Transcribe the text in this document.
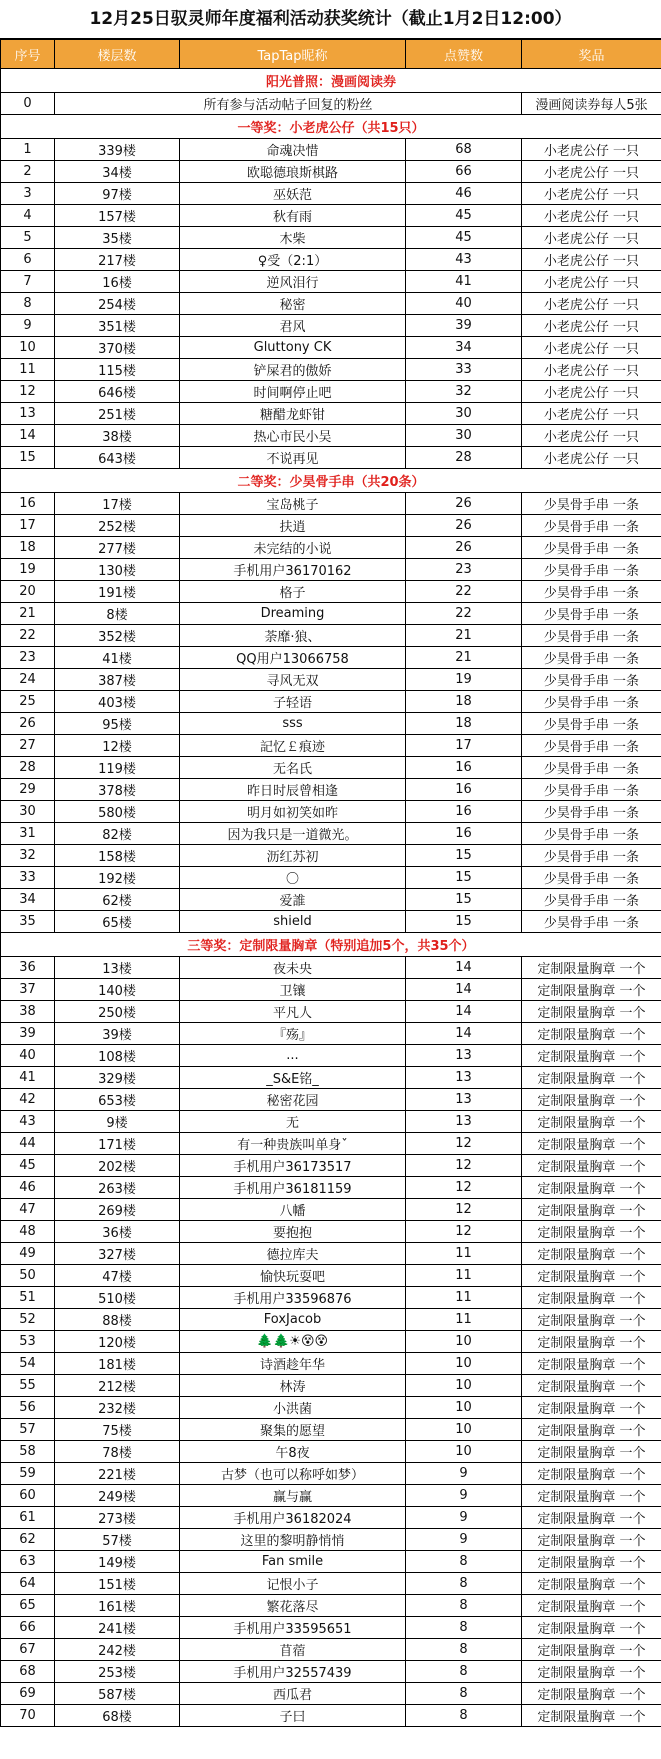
12月25日驭灵师年度福利活动获奖统计（截止1月2日12:00）
序号	楼层数	TapTap昵称	点赞数	奖品
阳光普照：漫画阅读券				
0	所有参与活动帖子回复的粉丝			漫画阅读券每人5张
一等奖：小老虎公仔（共15只）				
1	339楼	命魂决惜	68	小老虎公仔 一只
2	34楼	欧聪德琅斯棋路	66	小老虎公仔 一只
3	97楼	巫妖范	46	小老虎公仔 一只
4	157楼	秋有雨	45	小老虎公仔 一只
5	35楼	木柴	45	小老虎公仔 一只
6	217楼	♀受（2:1）	43	小老虎公仔 一只
7	16楼	逆风泪行	41	小老虎公仔 一只
8	254楼	秘密	40	小老虎公仔 一只
9	351楼	君风	39	小老虎公仔 一只
10	370楼	Gluttony CK	34	小老虎公仔 一只
11	115楼	铲屎君的傲娇	33	小老虎公仔 一只
12	646楼	时间啊停止吧	32	小老虎公仔 一只
13	251楼	糖醋龙虾钳	30	小老虎公仔 一只
14	38楼	热心市民小吴	30	小老虎公仔 一只
15	643楼	不说再见	28	小老虎公仔 一只
二等奖：少昊骨手串（共20条）				
16	17楼	宝岛桃子	26	少昊骨手串 一条
17	252楼	扶逍	26	少昊骨手串 一条
18	277楼	未完结的小说	26	少昊骨手串 一条
19	130楼	手机用户36170162	23	少昊骨手串 一条
20	191楼	格子	22	少昊骨手串 一条
21	8楼	Dreaming	22	少昊骨手串 一条
22	352楼	荼靡·狼、	21	少昊骨手串 一条
23	41楼	QQ用户13066758	21	少昊骨手串 一条
24	387楼	寻风无双	19	少昊骨手串 一条
25	403楼	子轻语	18	少昊骨手串 一条
26	95楼	sss	18	少昊骨手串 一条
27	12楼	記忆￡痕迹	17	少昊骨手串 一条
28	119楼	无名氏	16	少昊骨手串 一条
29	378楼	昨日时辰曾相逢	16	少昊骨手串 一条
30	580楼	明月如初笑如昨	16	少昊骨手串 一条
31	82楼	因为我只是一道微光。	16	少昊骨手串 一条
32	158楼	沥红苏初	15	少昊骨手串 一条
33	192楼	〇	15	少昊骨手串 一条
34	62楼	爱誰	15	少昊骨手串 一条
35	65楼	shield	15	少昊骨手串 一条
三等奖：定制限量胸章（特别追加5个，共35个）				
36	13楼	夜未央	14	定制限量胸章 一个
37	140楼	卫镶	14	定制限量胸章 一个
38	250楼	平凡人	14	定制限量胸章 一个
39	39楼	『殇』	14	定制限量胸章 一个
40	108楼	...	13	定制限量胸章 一个
41	329楼	_S&E铭_	13	定制限量胸章 一个
42	653楼	秘密花园	13	定制限量胸章 一个
43	9楼	无	13	定制限量胸章 一个
44	171楼	有一种贵族叫单身ˇ	12	定制限量胸章 一个
45	202楼	手机用户36173517	12	定制限量胸章 一个
46	263楼	手机用户36181159	12	定制限量胸章 一个
47	269楼	八幡	12	定制限量胸章 一个
48	36楼	要抱抱	12	定制限量胸章 一个
49	327楼	德拉库夫	11	定制限量胸章 一个
50	47楼	愉快玩耍吧	11	定制限量胸章 一个
51	510楼	手机用户33596876	11	定制限量胸章 一个
52	88楼	FoxJacob	11	定制限量胸章 一个
53	120楼	🌲🌲☀😵😵	10	定制限量胸章 一个
54	181楼	诗酒趁年华	10	定制限量胸章 一个
55	212楼	林涛	10	定制限量胸章 一个
56	232楼	小洪菌	10	定制限量胸章 一个
57	75楼	聚集的愿望	10	定制限量胸章 一个
58	78楼	午8夜	10	定制限量胸章 一个
59	221楼	古梦（也可以称呼如梦）	9	定制限量胸章 一个
60	249楼	赢与赢	9	定制限量胸章 一个
61	273楼	手机用户36182024	9	定制限量胸章 一个
62	57楼	这里的黎明静悄悄	9	定制限量胸章 一个
63	149楼	Fan smile	8	定制限量胸章 一个
64	151楼	记恨小子	8	定制限量胸章 一个
65	161楼	繁花落尽	8	定制限量胸章 一个
66	241楼	手机用户33595651	8	定制限量胸章 一个
67	242楼	苜蓿	8	定制限量胸章 一个
68	253楼	手机用户32557439	8	定制限量胸章 一个
69	587楼	西瓜君	8	定制限量胸章 一个
70	68楼	子曰	8	定制限量胸章 一个
